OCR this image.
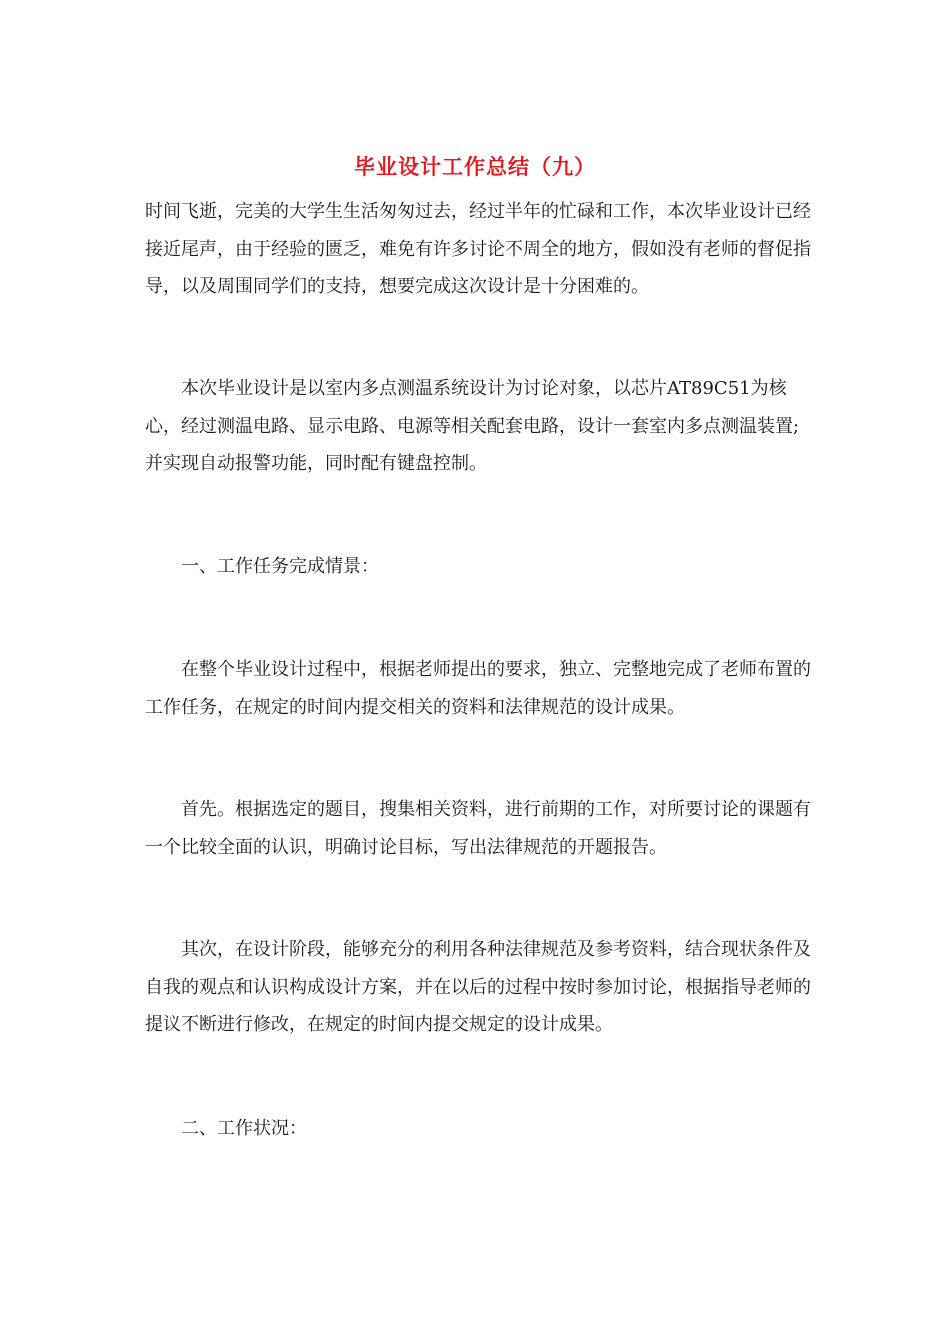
毕业设计工作总结（九）

时间飞逝，完美的大学生生活匆匆过去，经过半年的忙碌和工作，本次毕业设计已经接近尾声，由于经验的匮乏，难免有许多讨论不周全的地方，假如没有老师的督促指导，以及周围同学们的支持，想要完成这次设计是十分困难的。

本次毕业设计是以室内多点测温系统设计为讨论对象，以芯片AT89C51为核心，经过测温电路、显示电路、电源等相关配套电路，设计一套室内多点测温装置;并实现自动报警功能，同时配有键盘控制。

一、工作任务完成情景：

在整个毕业设计过程中，根据老师提出的要求，独立、完整地完成了老师布置的工作任务，在规定的时间内提交相关的资料和法律规范的设计成果。

首先。根据选定的题目，搜集相关资料，进行前期的工作，对所要讨论的课题有一个比较全面的认识，明确讨论目标，写出法律规范的开题报告。

其次，在设计阶段，能够充分的利用各种法律规范及参考资料，结合现状条件及自我的观点和认识构成设计方案，并在以后的过程中按时参加讨论，根据指导老师的提议不断进行修改，在规定的时间内提交规定的设计成果。

二、工作状况：
